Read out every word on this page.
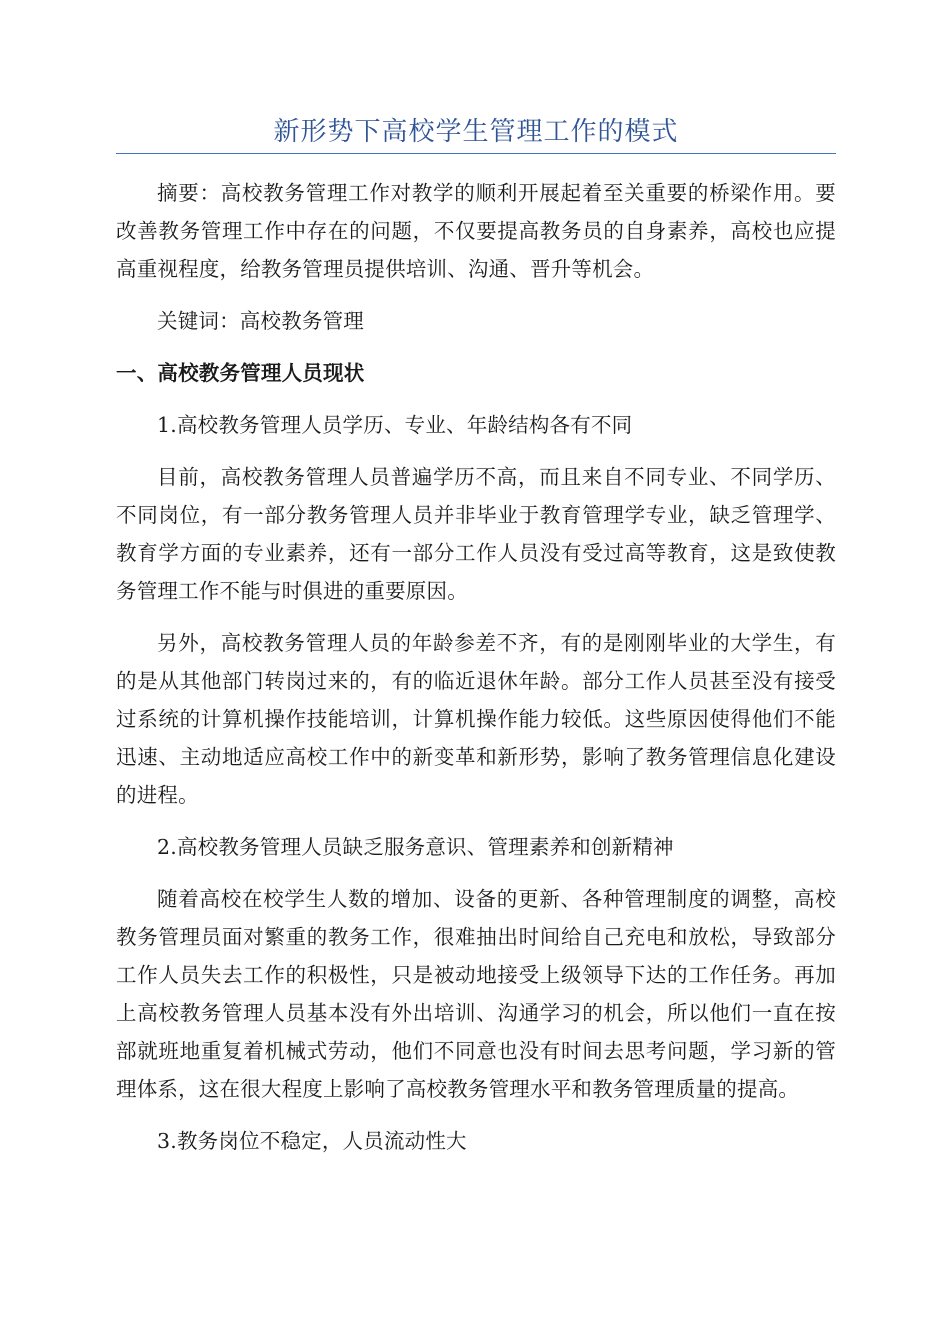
新形势下高校学生管理工作的模式

摘要：高校教务管理工作对教学的顺利开展起着至关重要的桥梁作用。要改善教务管理工作中存在的问题，不仅要提高教务员的自身素养，高校也应提高重视程度，给教务管理员提供培训、沟通、晋升等机会。

关键词：高校教务管理

一、高校教务管理人员现状

1.高校教务管理人员学历、专业、年龄结构各有不同

目前，高校教务管理人员普遍学历不高，而且来自不同专业、不同学历、不同岗位，有一部分教务管理人员并非毕业于教育管理学专业，缺乏管理学、教育学方面的专业素养，还有一部分工作人员没有受过高等教育，这是致使教务管理工作不能与时俱进的重要原因。

另外，高校教务管理人员的年龄参差不齐，有的是刚刚毕业的大学生，有的是从其他部门转岗过来的，有的临近退休年龄。部分工作人员甚至没有接受过系统的计算机操作技能培训，计算机操作能力较低。这些原因使得他们不能迅速、主动地适应高校工作中的新变革和新形势，影响了教务管理信息化建设的进程。

2.高校教务管理人员缺乏服务意识、管理素养和创新精神

随着高校在校学生人数的增加、设备的更新、各种管理制度的调整，高校教务管理员面对繁重的教务工作，很难抽出时间给自己充电和放松，导致部分工作人员失去工作的积极性，只是被动地接受上级领导下达的工作任务。再加上高校教务管理人员基本没有外出培训、沟通学习的机会，所以他们一直在按部就班地重复着机械式劳动，他们不同意也没有时间去思考问题，学习新的管理体系，这在很大程度上影响了高校教务管理水平和教务管理质量的提高。

3.教务岗位不稳定，人员流动性大
